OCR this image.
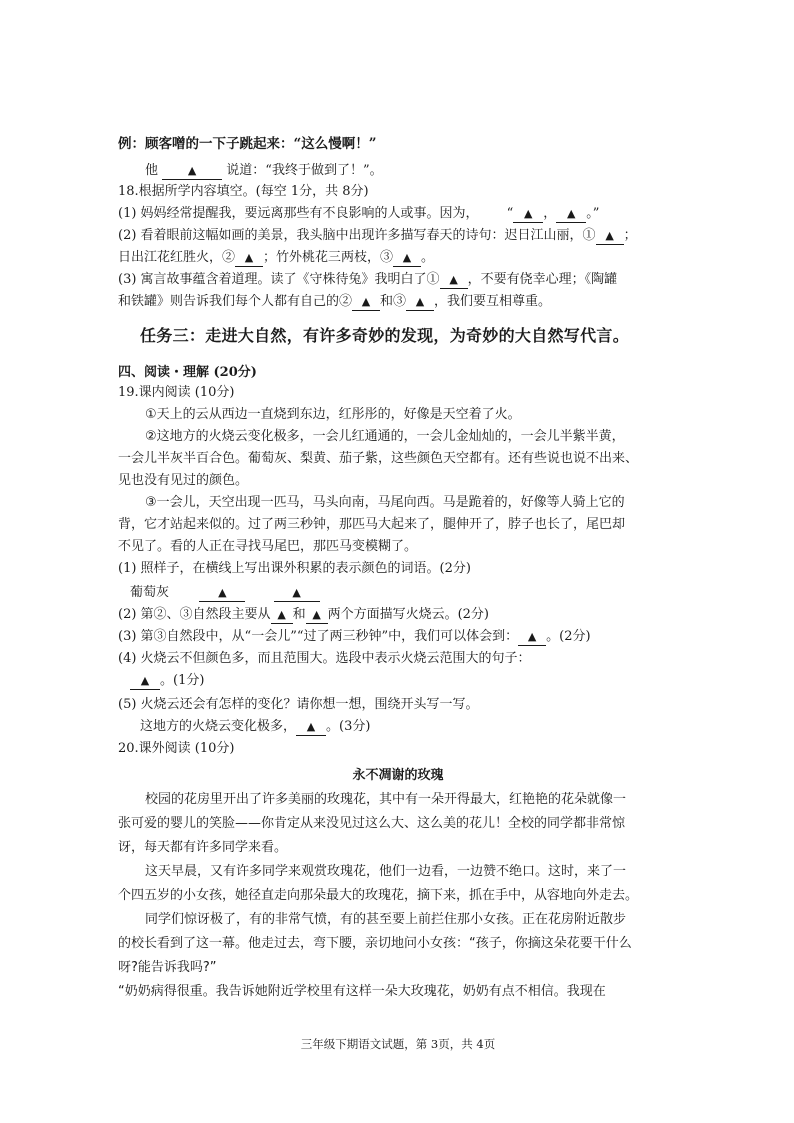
例：顾客噌的一下子跳起来：“这么慢啊！”
他	▲ 说道：“我终于做到了！”。
18.根据所学内容填空。(每空 1分，共 8分)
(1) 妈妈经常提醒我，要远离那些有不良影响的人或事。因为， “ ▲ ， ▲ 。”
(2) 看着眼前这幅如画的美景，我头脑中出现许多描写春天的诗句：迟日江山丽，① ▲ ；
日出江花红胜火，② ▲ ；竹外桃花三两枝，③ ▲ 。
(3) 寓言故事蕴含着道理。读了《守株待兔》我明白了① ▲ ，不要有侥幸心理；《陶罐
和铁罐》则告诉我们每个人都有自己的② ▲ 和③ ▲ ，我们要互相尊重。
任务三：走进大自然，有许多奇妙的发现，为奇妙的大自然写代言。
四、阅读・理解 (20分)
19.课内阅读 (10分)
①天上的云从西边一直烧到东边，红彤彤的，好像是天空着了火。
②这地方的火烧云变化极多，一会儿红通通的，一会儿金灿灿的，一会儿半紫半黄，
一会儿半灰半百合色。葡萄灰、梨黄、茄子紫，这些颜色天空都有。还有些说也说不出来、
见也没有见过的颜色。
③一会儿，天空出现一匹马，马头向南，马尾向西。马是跪着的，好像等人骑上它的
背，它才站起来似的。过了两三秒钟，那匹马大起来了，腿伸开了，脖子也长了，尾巴却
不见了。看的人正在寻找马尾巴，那匹马变模糊了。
(1) 照样子，在横线上写出课外积累的表示颜色的词语。(2分)
葡萄灰	▲	▲
(2) 第②、③自然段主要从 ▲ 和 ▲ 两个方面描写火烧云。(2分)
(3) 第③自然段中，从“一会儿”“过了两三秒钟”中，我们可以体会到： ▲ 。(2分)
(4) 火烧云不但颜色多，而且范围大。选段中表示火烧云范围大的句子：
▲ 。(1分)
(5) 火烧云还会有怎样的变化？请你想一想，围绕开头写一写。
这地方的火烧云变化极多， ▲ 。(3分)
20.课外阅读 (10分)
永不凋谢的玫瑰
校园的花房里开出了许多美丽的玫瑰花，其中有一朵开得最大，红艳艳的花朵就像一
张可爱的婴儿的笑脸——你肯定从来没见过这么大、这么美的花儿！全校的同学都非常惊
讶，每天都有许多同学来看。
这天早晨，又有许多同学来观赏玫瑰花，他们一边看，一边赞不绝口。这时，来了一
个四五岁的小女孩，她径直走向那朵最大的玫瑰花，摘下来，抓在手中，从容地向外走去。
同学们惊讶极了，有的非常气愤，有的甚至要上前拦住那小女孩。正在花房附近散步
的校长看到了这一幕。他走过去，弯下腰，亲切地问小女孩：“孩子，你摘这朵花要干什么
呀?能告诉我吗?”
“奶奶病得很重。我告诉她附近学校里有这样一朵大玫瑰花，奶奶有点不相信。我现在
三年级下期语文试题，第 3页，共 4页
